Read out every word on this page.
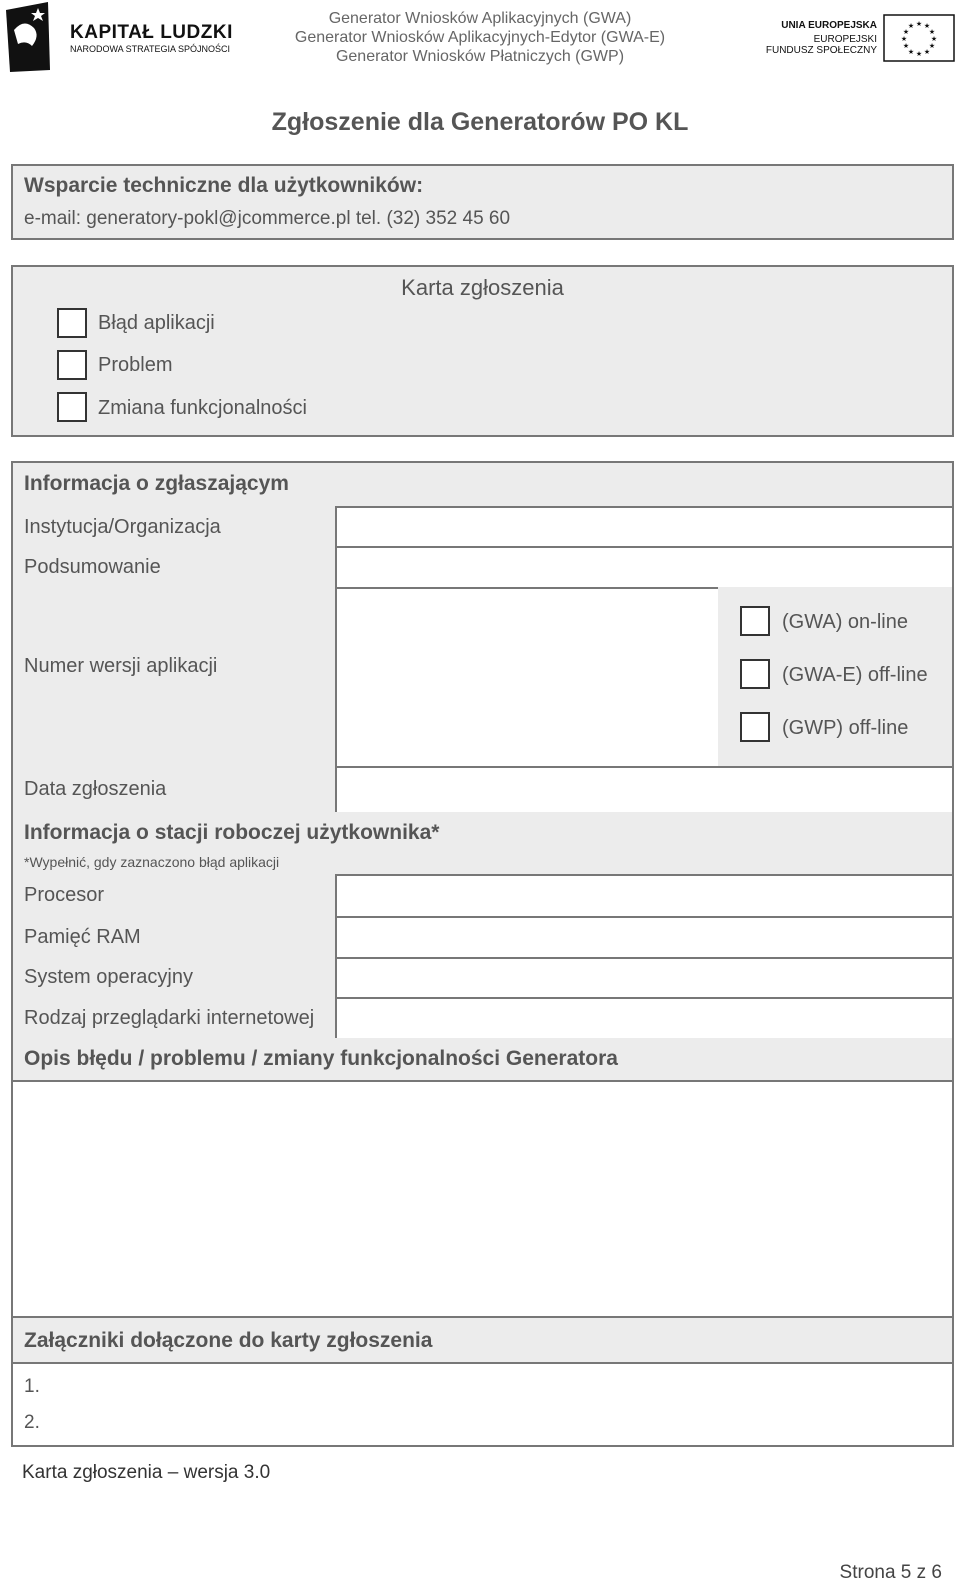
KAPITAŁ LUDZKI
NARODOWA STRATEGIA SPÓJNOŚCI
Generator Wniosków Aplikacyjnych (GWA)
Generator Wniosków Aplikacyjnych-Edytor (GWA-E)
Generator Wniosków Płatniczych (GWP)
UNIA EUROPEJSKA
EUROPEJSKI
FUNDUSZ SPOŁECZNY
★ ★
★
★
★
★
★
★
★
★
★
★
Zgłoszenie dla Generatorów PO KL
Wsparcie techniczne dla użytkowników:
e-mail: generatory-pokl@jcommerce.pl tel. (32) 352 45 60
Karta zgłoszenia
Błąd aplikacji
Problem
Zmiana funkcjonalności
Informacja o zgłaszającym
Instytucja/Organizacja
Podsumowanie
Numer wersji aplikacji
(GWA) on-line
(GWA-E) off-line
(GWP) off-line
Data zgłoszenia
Informacja o stacji roboczej użytkownika*
*Wypełnić, gdy zaznaczono błąd aplikacji
Procesor
Pamięć RAM
System operacyjny
Rodzaj przeglądarki internetowej
Opis błędu / problemu / zmiany funkcjonalności Generatora
Załączniki dołączone do karty zgłoszenia
1.
2.
Karta zgłoszenia – wersja 3.0
Strona 5 z 6
